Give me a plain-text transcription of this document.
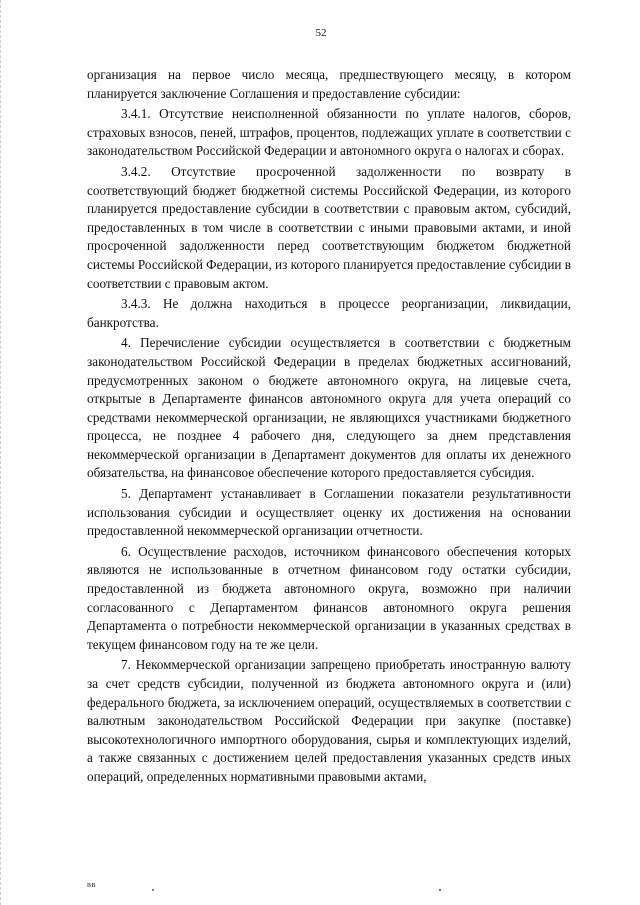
52

организация на первое число месяца, предшествующего месяцу, в котором планируется заключение Соглашения и предоставление субсидии:

3.4.1. Отсутствие неисполненной обязанности по уплате налогов, сборов, страховых взносов, пеней, штрафов, процентов, подлежащих уплате в соответствии с законодательством Российской Федерации и автономного округа о налогах и сборах.

3.4.2. Отсутствие просроченной задолженности по возврату в соответствующий бюджет бюджетной системы Российской Федерации, из которого планируется предоставление субсидии в соответствии с правовым актом, субсидий, предоставленных в том числе в соответствии с иными правовыми актами, и иной просроченной задолженности перед соответствующим бюджетом бюджетной системы Российской Федерации, из которого планируется предоставление субсидии в соответствии с правовым актом.

3.4.3. Не должна находиться в процессе реорганизации, ликвидации, банкротства.

4. Перечисление субсидии осуществляется в соответствии с бюджетным законодательством Российской Федерации в пределах бюджетных ассигнований, предусмотренных законом о бюджете автономного округа, на лицевые счета, открытые в Департаменте финансов автономного округа для учета операций со средствами некоммерческой организации, не являющихся участниками бюджетного процесса, не позднее 4 рабочего дня, следующего за днем представления некоммерческой организации в Департамент документов для оплаты их денежного обязательства, на финансовое обеспечение которого предоставляется субсидия.

5. Департамент устанавливает в Соглашении показатели результативности использования субсидии и осуществляет оценку их достижения на основании предоставленной некоммерческой организации отчетности.

6. Осуществление расходов, источником финансового обеспечения которых являются не использованные в отчетном финансовом году остатки субсидии, предоставленной из бюджета автономного округа, возможно при наличии согласованного с Департаментом финансов автономного округа решения Департамента о потребности некоммерческой организации в указанных средствах в текущем финансовом году на те же цели.

7. Некоммерческой организации запрещено приобретать иностранную валюту за счет средств субсидии, полученной из бюджета автономного округа и (или) федерального бюджета, за исключением операций, осуществляемых в соответствии с валютным законодательством Российской Федерации при закупке (поставке) высокотехнологичного импортного оборудования, сырья и комплектующих изделий, а также связанных с достижением целей предоставления указанных средств иных операций, определенных нормативными правовыми актами,

ВВ
